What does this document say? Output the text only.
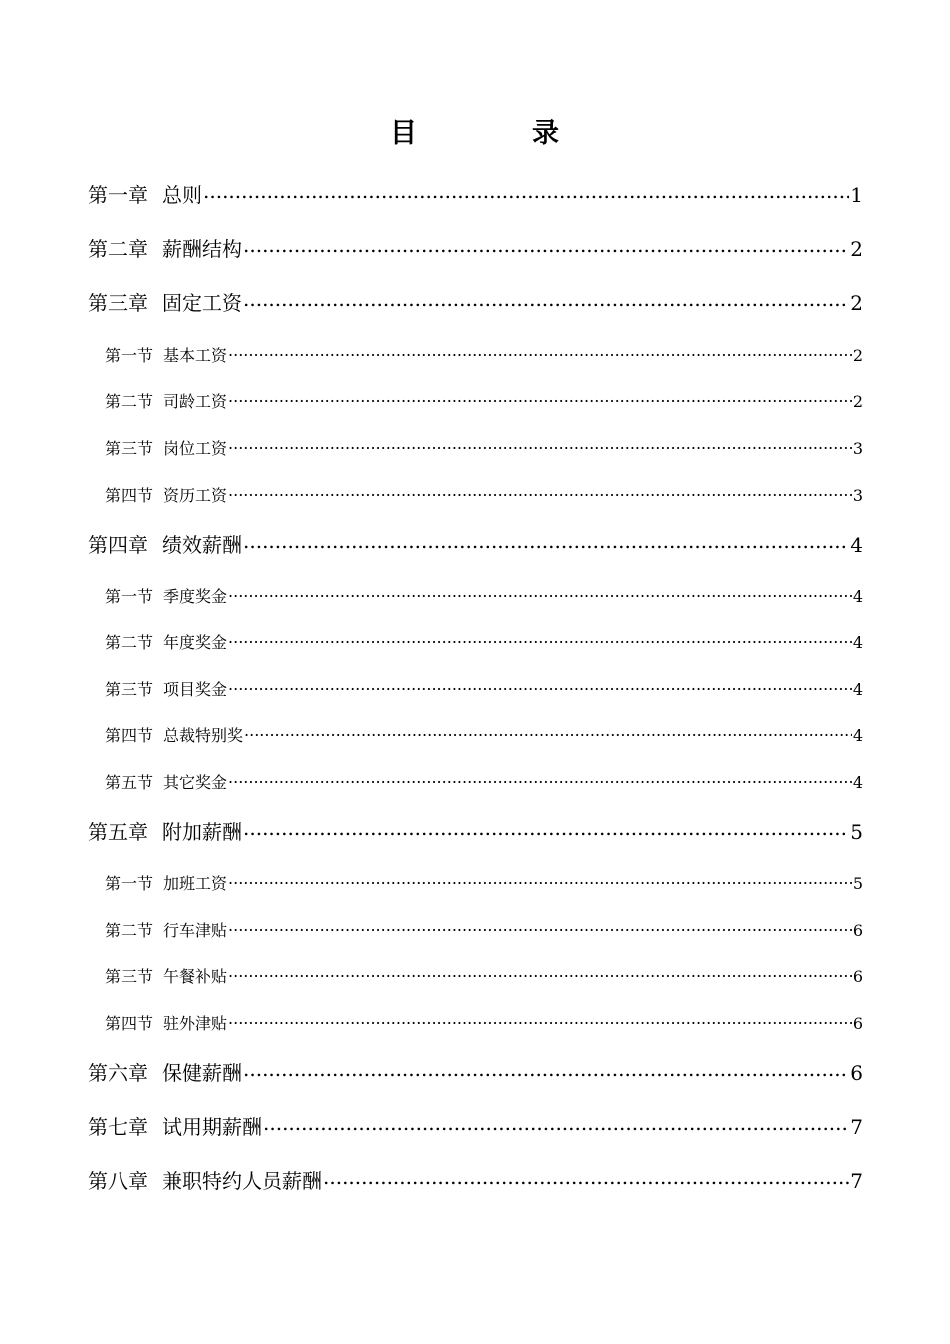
目	录
第一章 总则 .....	1
第二章 薪酬结构 .....	2
第三章 固定工资 .....	2
第一节 基本工资 .....	2
第二节 司龄工资 .....	2
第三节 岗位工资 .....	3
第四节 资历工资 .....	3
第四章 绩效薪酬 .....	4
第一节 季度奖金 .....	4
第二节 年度奖金 .....	4
第三节 项目奖金 .....	4
第四节 总裁特别奖 .....	4
第五节 其它奖金 .....	4
第五章 附加薪酬 .....	5
第一节 加班工资 .....	5
第二节 行车津贴 .....	6
第三节 午餐补贴 .....	6
第四节 驻外津贴 .....	6
第六章 保健薪酬 .....	6
第七章 试用期薪酬 .....	7
第八章 兼职特约人员薪酬 .....	7
